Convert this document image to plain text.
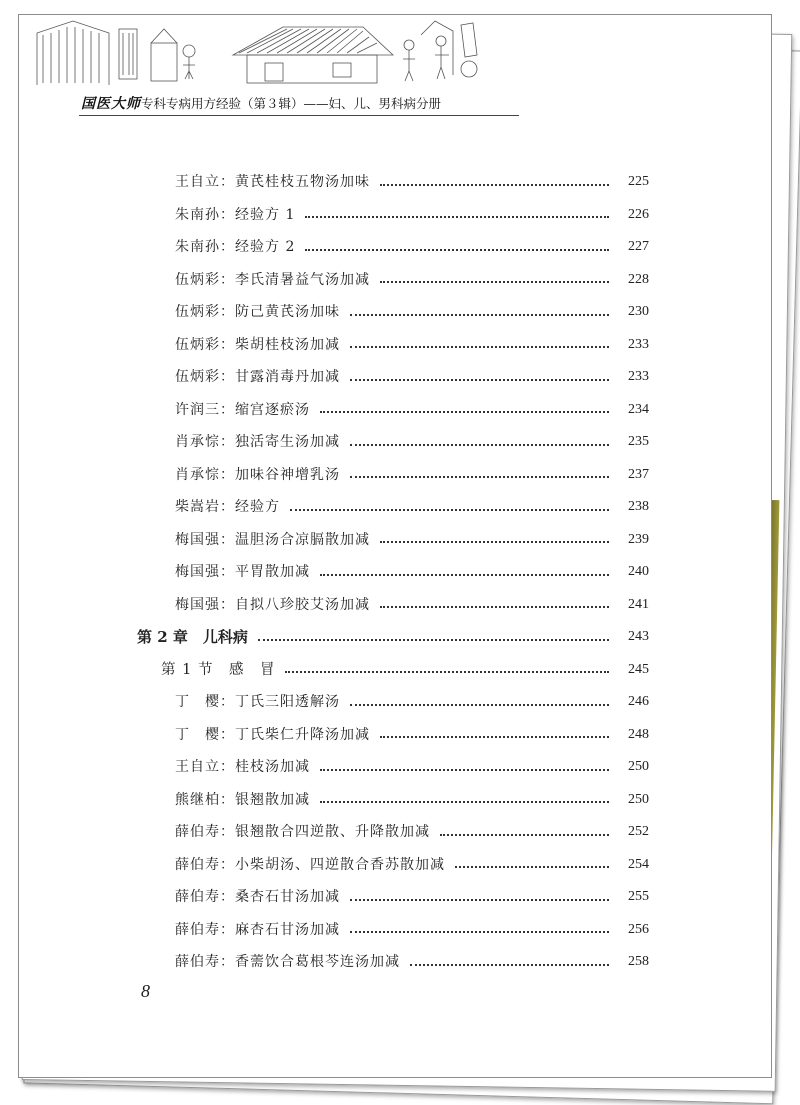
国医大师专科专病用方经验（第３辑）——妇、儿、男科病分册
王自立：黄芪桂枝五物汤加味	225
朱南孙：经验方 1	226
朱南孙：经验方 2	227
伍炳彩：李氏清暑益气汤加减	228
伍炳彩：防己黄芪汤加味	230
伍炳彩：柴胡桂枝汤加减	233
伍炳彩：甘露消毒丹加减	233
许润三：缩宫逐瘀汤	234
肖承悰：独活寄生汤加减	235
肖承悰：加味谷神增乳汤	237
柴嵩岩：经验方	238
梅国强：温胆汤合凉膈散加减	239
梅国强：平胃散加减	240
梅国强：自拟八珍胶艾汤加减	241
第 2 章　儿科病	243
第 1 节　感　冒	245
丁　樱：丁氏三阳透解汤	246
丁　樱：丁氏柴仁升降汤加减	248
王自立：桂枝汤加减	250
熊继柏：银翘散加减	250
薛伯寿：银翘散合四逆散、升降散加减	252
薛伯寿：小柴胡汤、四逆散合香苏散加减	254
薛伯寿：桑杏石甘汤加减	255
薛伯寿：麻杏石甘汤加减	256
薛伯寿：香薷饮合葛根芩连汤加减	258
8
